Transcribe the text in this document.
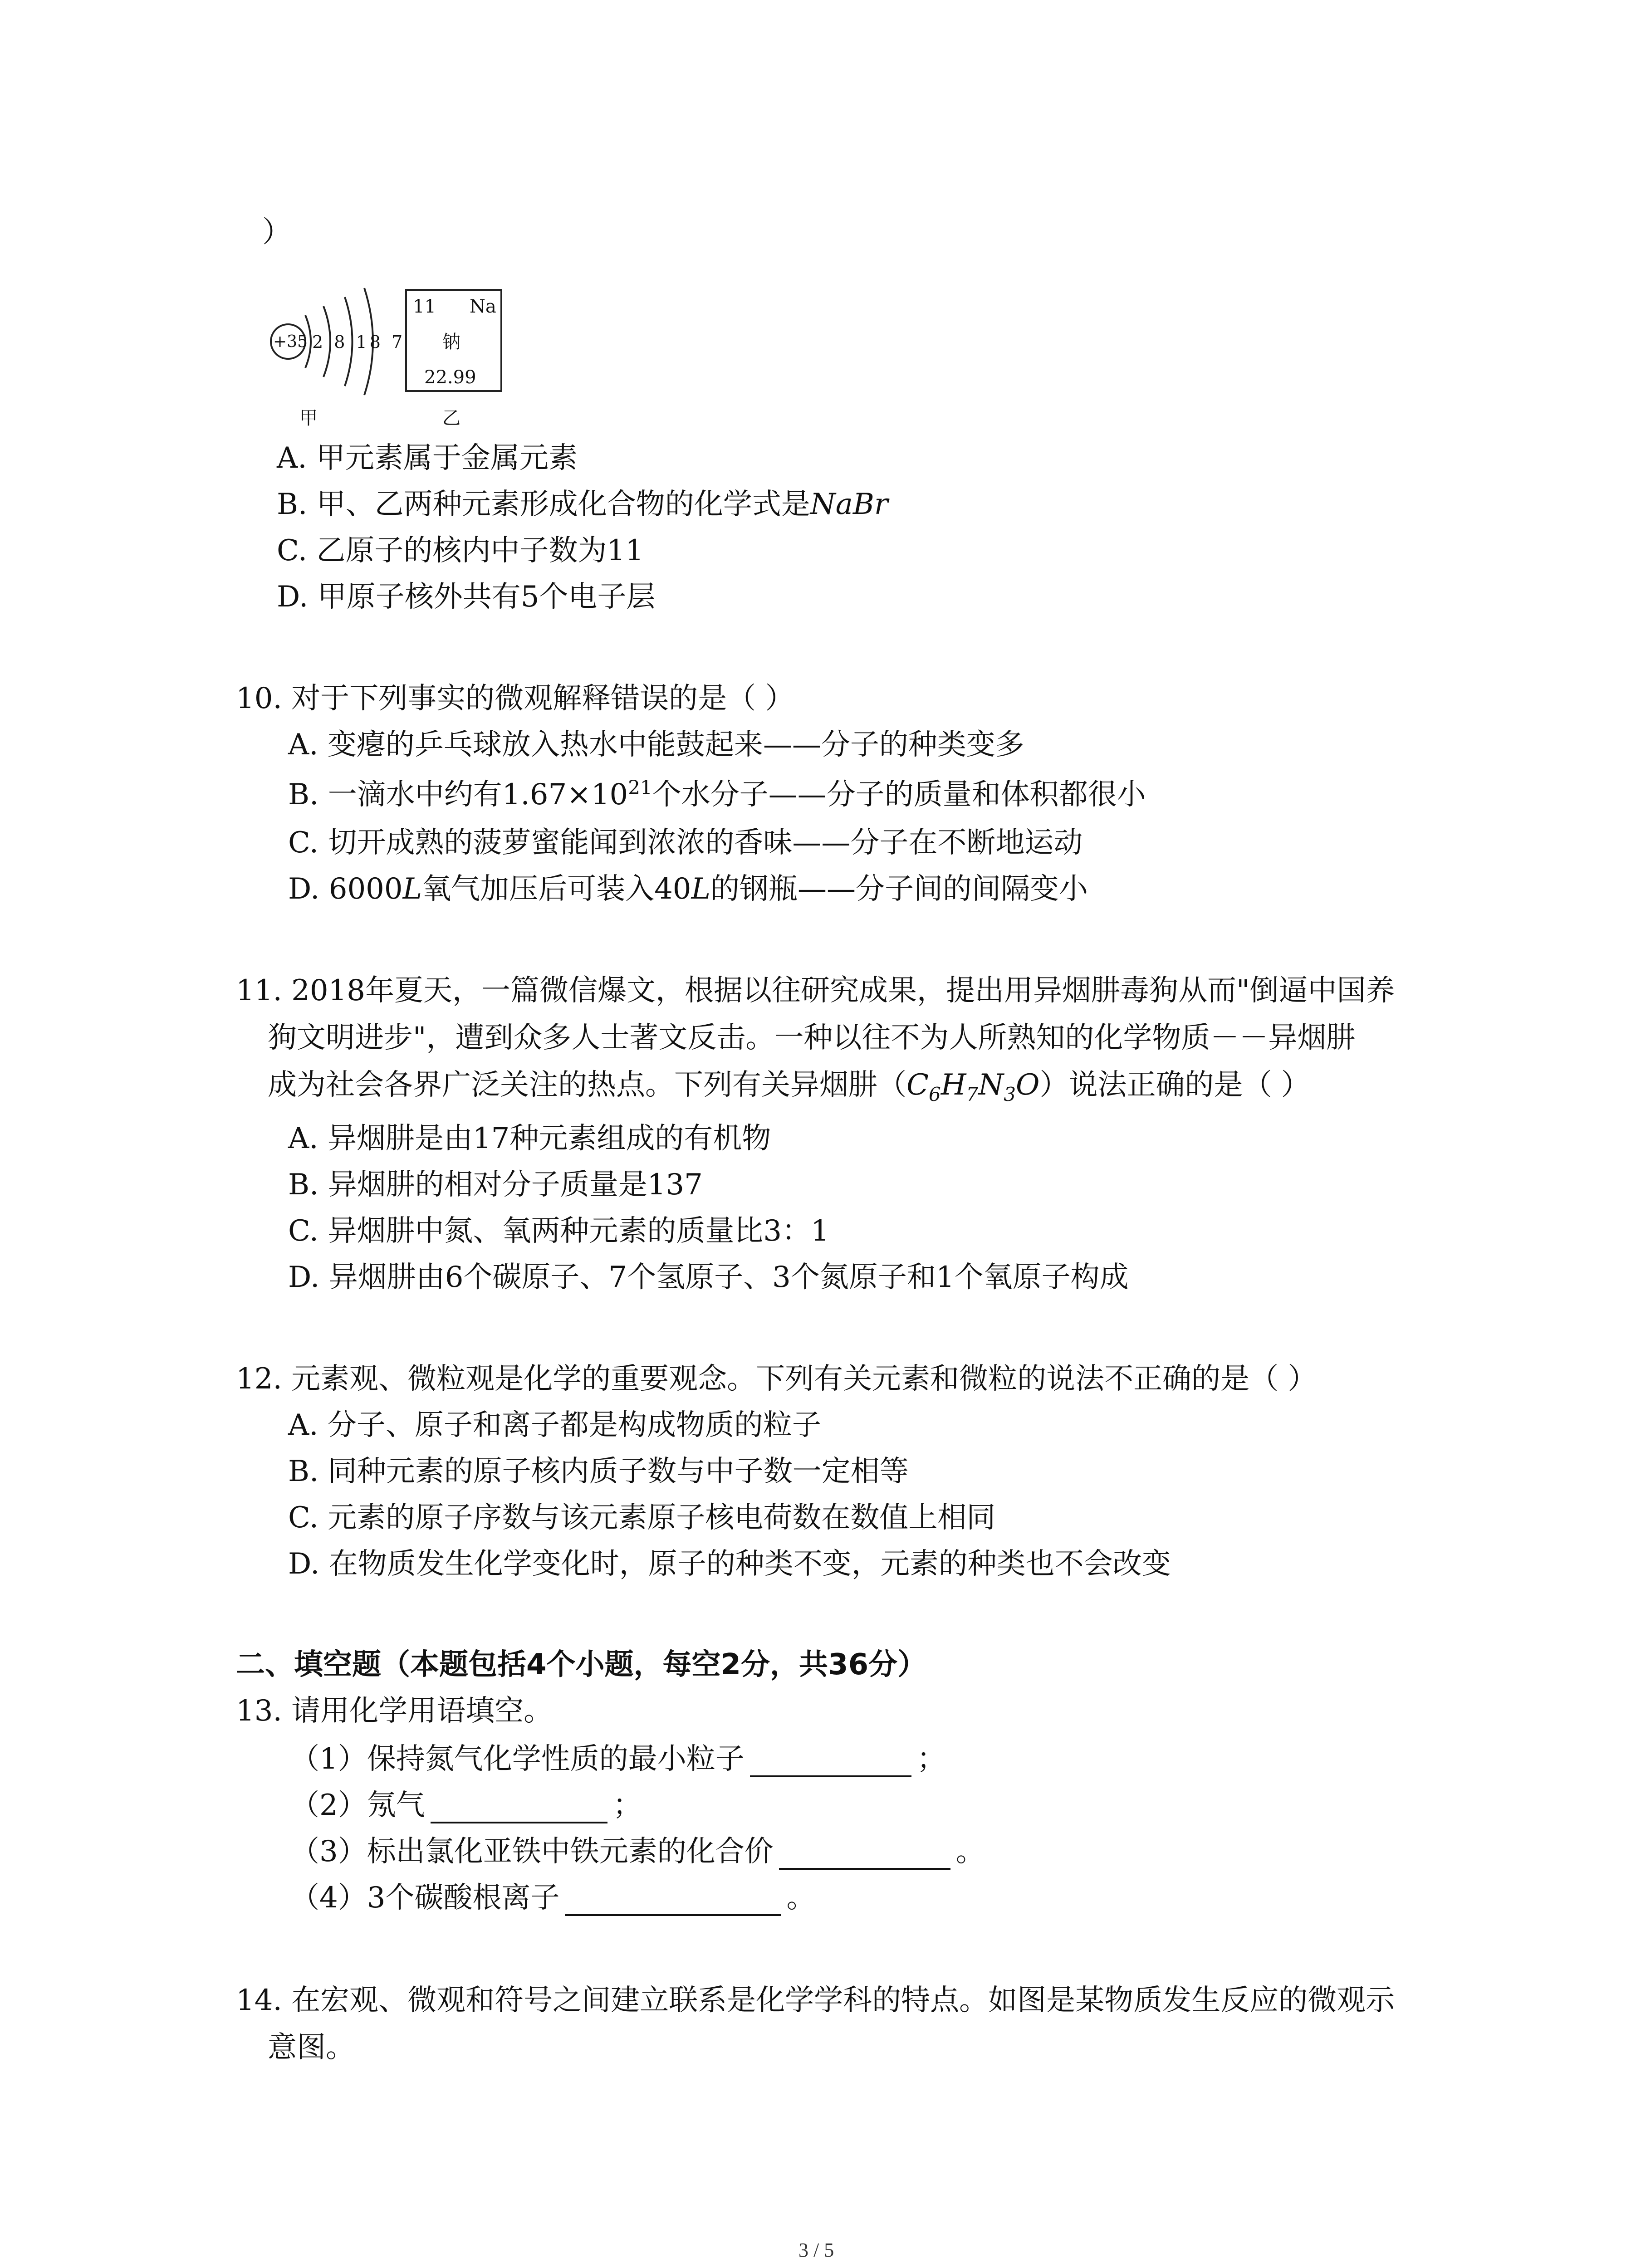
）
+35 2 8 18 7
甲
11 Na
钠
22.99
乙
A. 甲元素属于金属元素
B. 甲、乙两种元素形成化合物的化学式是NaBr
C. 乙原子的核内中子数为11
D. 甲原子核外共有5个电子层
10. 对于下列事实的微观解释错误的是（ ）
A. 变瘪的乒乓球放入热水中能鼓起来——分子的种类变多
B. 一滴水中约有$1.67\times 10^{21}$个水分子——分子的质量和体积都很小
C. 切开成熟的菠萝蜜能闻到浓浓的香味——分子在不断地运动
D. 6000L氧气加压后可装入40L的钢瓶——分子间的间隔变小
11. 2018年夏天，一篇微信爆文，根据以往研究成果，提出用异烟肼毒狗从而"倒逼中国养
狗文明进步"，遭到众多人士著文反击。一种以往不为人所熟知的化学物质－－异烟肼
成为社会各界广泛关注的热点。下列有关异烟肼$(C_6H_7N_3O)$说法正确的是（ ）
A. 异烟肼是由17种元素组成的有机物
B. 异烟肼的相对分子质量是137
C. 异烟肼中氮、氧两种元素的质量比3：1
D. 异烟肼由6个碳原子、7个氢原子、3个氮原子和1个氧原子构成
12. 元素观、微粒观是化学的重要观念。下列有关元素和微粒的说法不正确的是（ ）
A. 分子、原子和离子都是构成物质的粒子
B. 同种元素的原子核内质子数与中子数一定相等
C. 元素的原子序数与该元素原子核电荷数在数值上相同
D. 在物质发生化学变化时，原子的种类不变，元素的种类也不会改变
二、填空题（本题包括4个小题，每空2分，共36分）
13. 请用化学用语填空。
（1）保持氮气化学性质的最小粒子	；
（2）氖气	；
（3）标出氯化亚铁中铁元素的化合价	。
（4）3个碳酸根离子	。
14. 在宏观、微观和符号之间建立联系是化学学科的特点。如图是某物质发生反应的微观示
意图。
3 / 5
